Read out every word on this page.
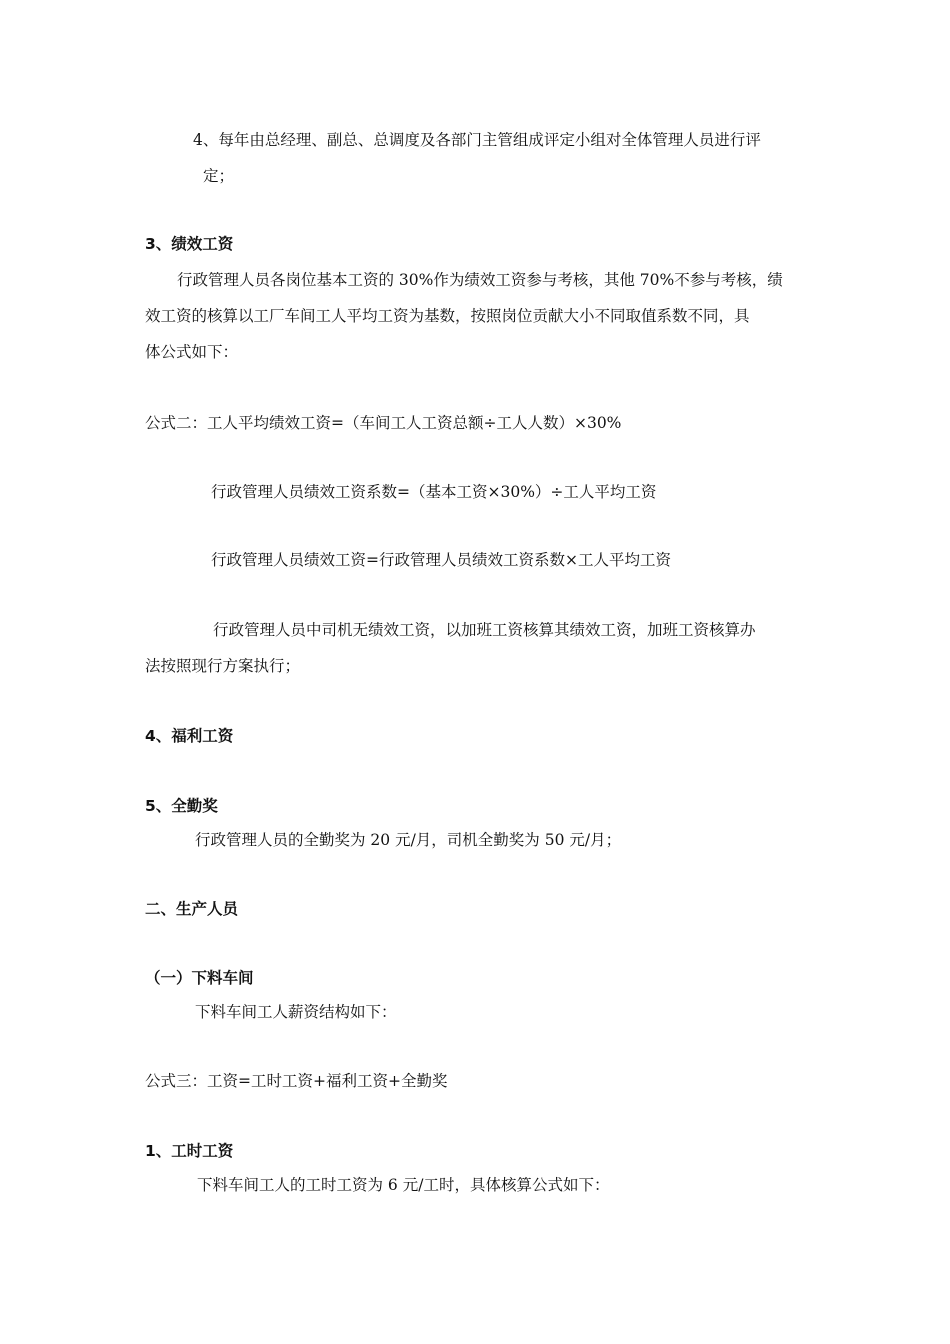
4、每年由总经理、副总、总调度及各部门主管组成评定小组对全体管理人员进行评
定；
3、绩效工资
行政管理人员各岗位基本工资的 30%作为绩效工资参与考核，其他 70%不参与考核，绩
效工资的核算以工厂车间工人平均工资为基数，按照岗位贡献大小不同取值系数不同，具
体公式如下：
公式二：工人平均绩效工资=（车间工人工资总额÷工人人数）×30%
行政管理人员绩效工资系数=（基本工资×30%）÷工人平均工资
行政管理人员绩效工资=行政管理人员绩效工资系数×工人平均工资
行政管理人员中司机无绩效工资，以加班工资核算其绩效工资，加班工资核算办
法按照现行方案执行；
4、福利工资
5、全勤奖
行政管理人员的全勤奖为 20 元/月，司机全勤奖为 50 元/月；
二、生产人员
（一）下料车间
下料车间工人薪资结构如下：
公式三：工资=工时工资+福利工资+全勤奖
1、工时工资
下料车间工人的工时工资为 6 元/工时，具体核算公式如下：
